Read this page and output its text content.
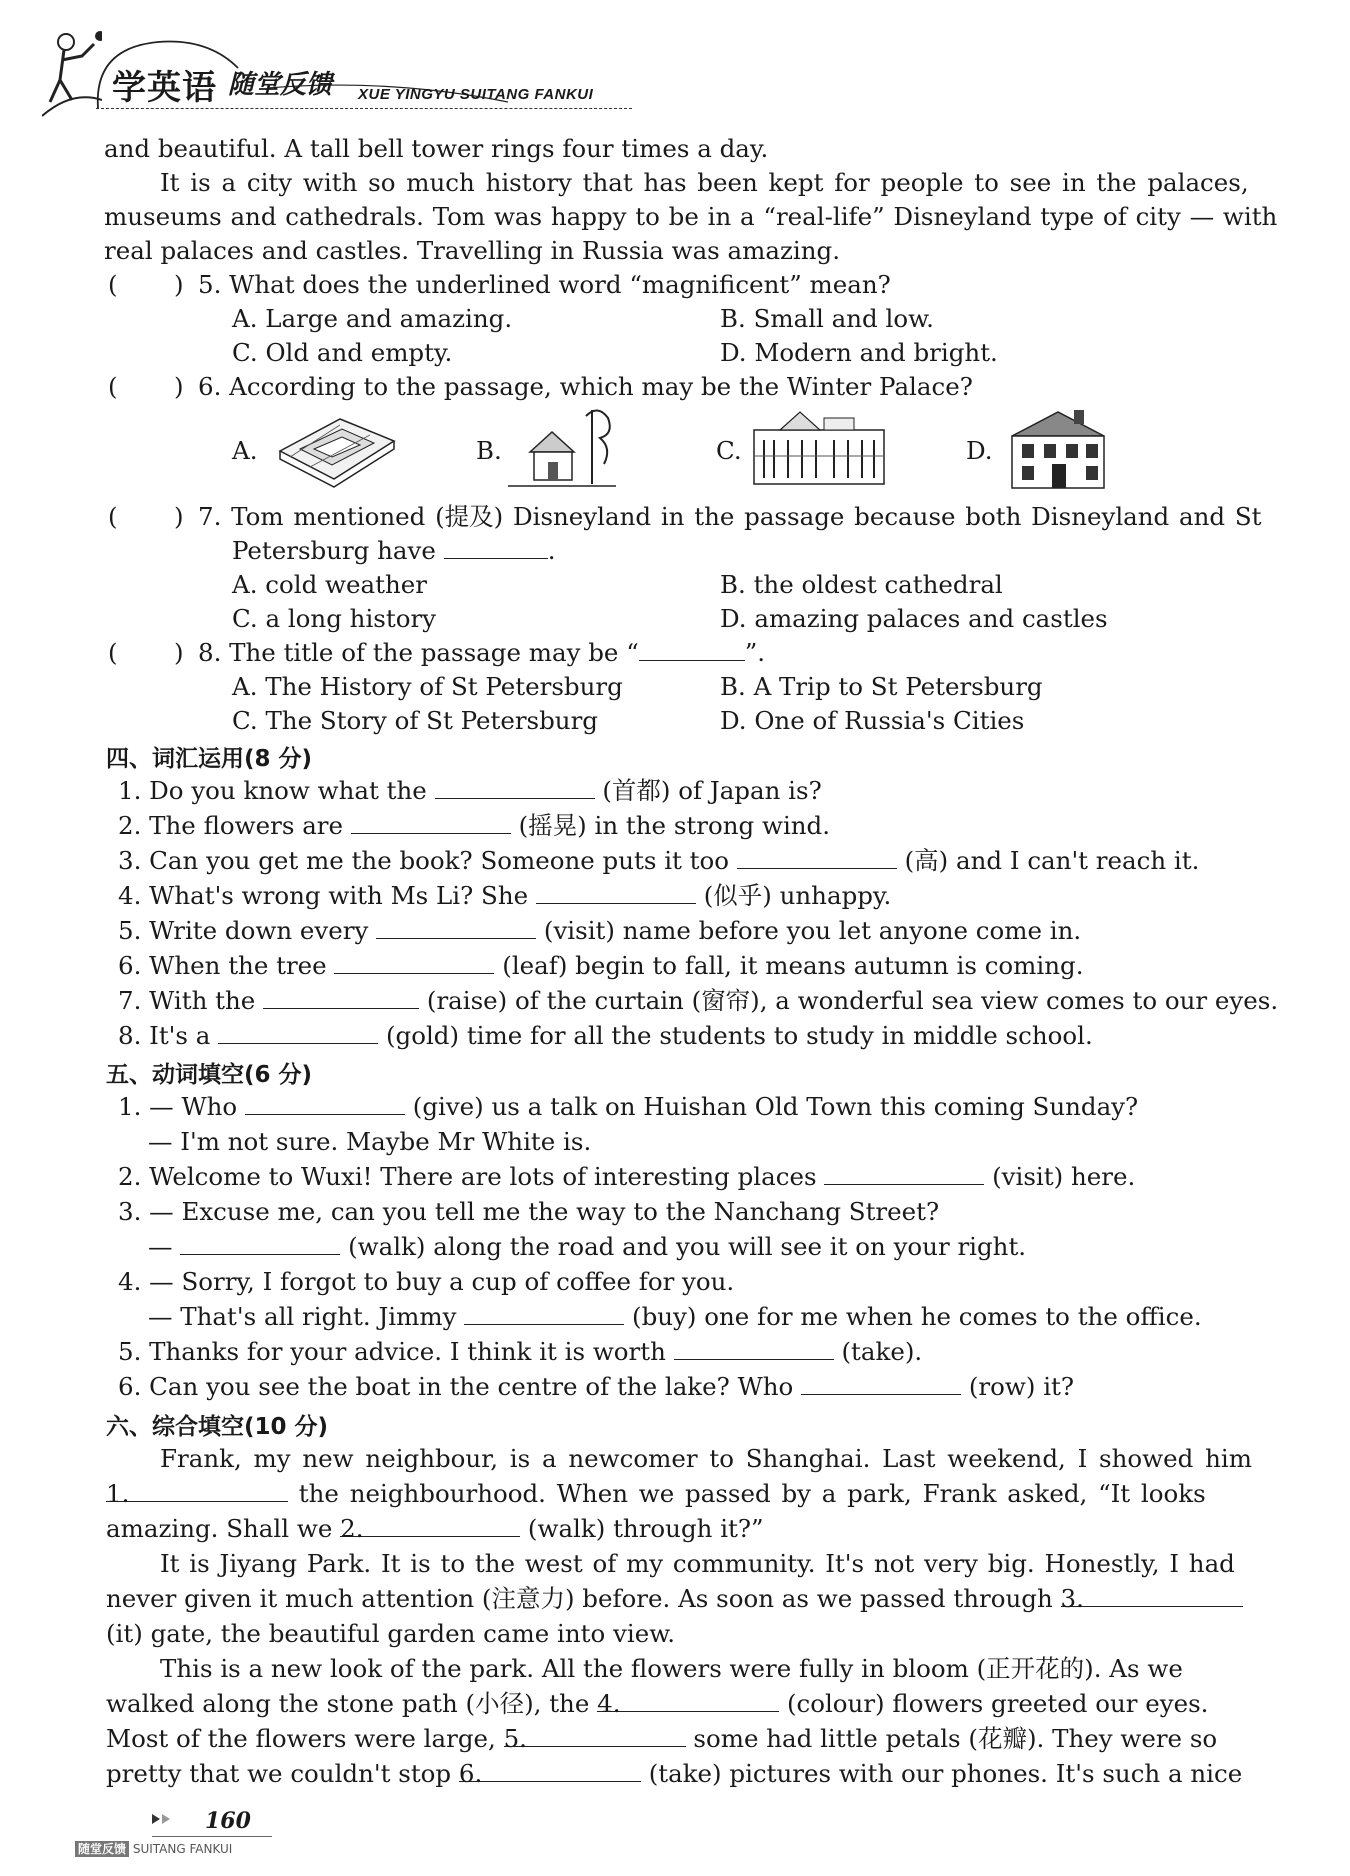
学英语 随堂反馈 XUE YINGYU SUITANG FANKUI
and beautiful. A tall bell tower rings four times a day.
It is a city with so much history that has been kept for people to see in the palaces,
museums and cathedrals. Tom was happy to be in a “real-life” Disneyland type of city — with
real palaces and castles. Travelling in Russia was amazing.
( ) 5. What does the underlined word “magnificent” mean?
A. Large and amazing.	B. Small and low.
C. Old and empty.	D. Modern and bright.
( ) 6. According to the passage, which may be the Winter Palace?
A.	B.	C.	D.
( ) 7. Tom mentioned (提及) Disneyland in the passage because both Disneyland and St
Petersburg have	.
A. cold weather	B. the oldest cathedral
C. a long history	D. amazing palaces and castles
( ) 8. The title of the passage may be “	”.
A. The History of St Petersburg	B. A Trip to St Petersburg
C. The Story of St Petersburg	D. One of Russia's Cities
四、词汇运用(8 分)
1. Do you know what the	(首都) of Japan is?
2. The flowers are	(摇晃) in the strong wind.
3. Can you get me the book? Someone puts it too	(高) and I can't reach it.
4. What's wrong with Ms Li? She	(似乎) unhappy.
5. Write down every	(visit) name before you let anyone come in.
6. When the tree	(leaf) begin to fall, it means autumn is coming.
7. With the	(raise) of the curtain (窗帘), a wonderful sea view comes to our eyes.
8. It's a	(gold) time for all the students to study in middle school.
五、动词填空(6 分)
1. — Who	(give) us a talk on Huishan Old Town this coming Sunday?
— I'm not sure. Maybe Mr White is.
2. Welcome to Wuxi! There are lots of interesting places	(visit) here.
3. — Excuse me, can you tell me the way to the Nanchang Street?
—	(walk) along the road and you will see it on your right.
4. — Sorry, I forgot to buy a cup of coffee for you.
— That's all right. Jimmy	(buy) one for me when he comes to the office.
5. Thanks for your advice. I think it is worth	(take).
6. Can you see the boat in the centre of the lake? Who	(row) it?
六、综合填空(10 分)
Frank, my new neighbour, is a newcomer to Shanghai. Last weekend, I showed him
1.	the neighbourhood. When we passed by a park, Frank asked, “It looks
amazing. Shall we 2.	(walk) through it?”
It is Jiyang Park. It is to the west of my community. It's not very big. Honestly, I had
never given it much attention (注意力) before. As soon as we passed through 3.
(it) gate, the beautiful garden came into view.
This is a new look of the park. All the flowers were fully in bloom (正开花的). As we
walked along the stone path (小径), the 4.	(colour) flowers greeted our eyes.
Most of the flowers were large, 5.	some had little petals (花瓣). They were so
pretty that we couldn't stop 6.	(take) pictures with our phones. It's such a nice
160
随堂反馈 SUITANG FANKUI
